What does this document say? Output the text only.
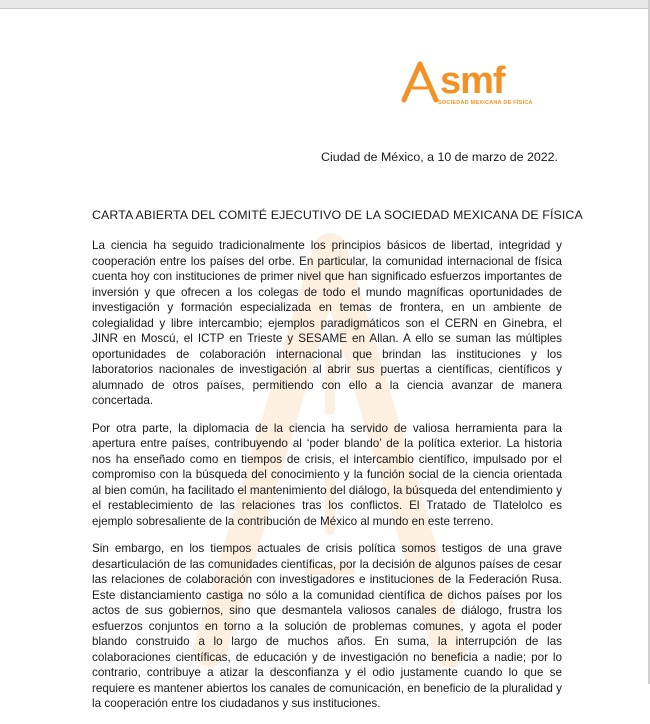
smf
SOCIEDAD MEXICANA DE FÍSICA
Ciudad de México, a 10 de marzo de 2022.
CARTA ABIERTA DEL COMITÉ EJECUTIVO DE LA SOCIEDAD MEXICANA DE FÍSICA

La ciencia ha seguido tradicionalmente los principios básicos de libertad, integridad y cooperación entre los países del orbe. En particular, la comunidad internacional de física cuenta hoy con instituciones de primer nivel que han significado esfuerzos importantes de inversión y que ofrecen a los colegas de todo el mundo magníficas oportunidades de investigación y formación especializada en temas de frontera, en un ambiente de colegialidad y libre intercambio; ejemplos paradigmáticos son el CERN en Ginebra, el JINR en Moscú, el ICTP en Trieste y SESAME en Allan. A ello se suman las múltiples oportunidades de colaboración internacional que brindan las instituciones y los laboratorios nacionales de investigación al abrir sus puertas a científicas, científicos y alumnado de otros países, permitiendo con ello a la ciencia avanzar de manera concertada.

Por otra parte, la diplomacia de la ciencia ha servido de valiosa herramienta para la apertura entre países, contribuyendo al ‘poder blando’ de la política exterior. La historia nos ha enseñado como en tiempos de crisis, el intercambio científico, impulsado por el compromiso con la búsqueda del conocimiento y la función social de la ciencia orientada al bien común, ha facilitado el mantenimiento del diálogo, la búsqueda del entendimiento y el restablecimiento de las relaciones tras los conflictos. El Tratado de Tlatelolco es ejemplo sobresaliente de la contribución de México al mundo en este terreno.

Sin embargo, en los tiempos actuales de crisis política somos testigos de una grave desarticulación de las comunidades científicas, por la decisión de algunos países de cesar las relaciones de colaboración con investigadores e instituciones de la Federación Rusa. Este distanciamiento castiga no sólo a la comunidad científica de dichos países por los actos de sus gobiernos, sino que desmantela valiosos canales de diálogo, frustra los esfuerzos conjuntos en torno a la solución de problemas comunes, y agota el poder blando construido a lo largo de muchos años. En suma, la interrupción de las colaboraciones científicas, de educación y de investigación no beneficia a nadie; por lo contrario, contribuye a atizar la desconfianza y el odio justamente cuando lo que se requiere es mantener abiertos los canales de comunicación, en beneficio de la pluralidad y la cooperación entre los ciudadanos y sus instituciones.
